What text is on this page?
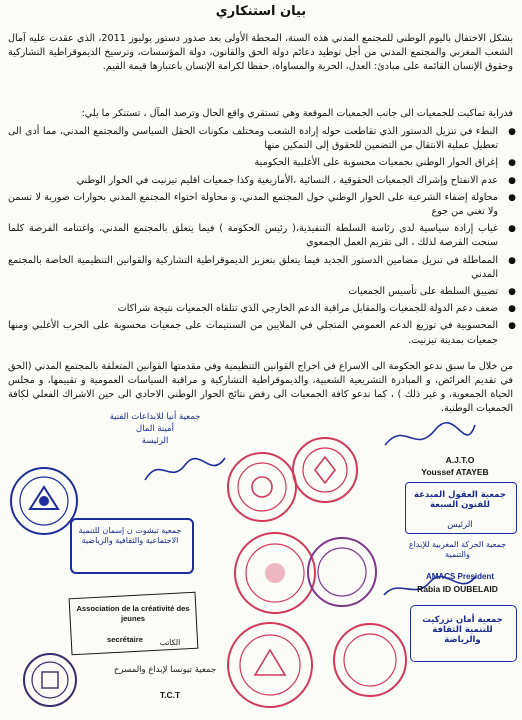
بيان استنكاري

بشكل الاحتفال باليوم الوطني للمجتمع المدني هذه السنة، المحطة الأولى بعد صدور دستور يوليوز 2011، الذي عقدت عليه آمال الشعب المغربي والمجتمع المدني من أجل توطيد دعائم دولة الحق والقانون، دولة المؤسسات، وترسيخ الديموقراطية التشاركية وحقوق الإنسان القائمة على مبادئ: العدل، الحرية والمساواة، حفظا لكرامة الإنسان باعتبارها قيمة القيم.

فدراية تماكيت للجمعيات الى جانب الجمعيات الموقعة وهي تستقري واقع الحال وترصد المآل ، تستنكر ما يلي:

●
البطء في تنزيل الدستور الذي تقاطعت حوله إرادة الشعب ومختلف مكونات الحقل السياسي والمجتمع المدني، مما أدى الى تعطيل عملية الانتقال من التضمين للحقوق إلى التمكين منها
●
إغراق الحوار الوطني بجمعيات محسوبة على الأغلبية الحكومية
●
عدم الانفتاح وإشراك الجمعيات الحقوقية ، النسائية ،الأمازيغية وكذا جمعيات اقليم تيزنيت في الحوار الوطني
●
محاولة إضفاء الشرعية على الحوار الوطني حول المجتمع المدني، و محاولة احتواء المجتمع المدني بحوارات صورية لا تسمن ولا تغني من جوع
●
غياب إرادة سياسية لدى رئاسة السلطة التنفيذية،( رئيس الحكومة ) فيما يتعلق بالمجتمع المدني، واغتنامه الفرصة كلما سنحت الفرصة لذلك ، الى تقزيم العمل الجمعوي
●
المماطلة في تنزيل مضامين الدستور الجديد فيما يتعلق بتعزيز الديموقراطية التشاركية والقوانين التنظيمية الخاصة بالمجتمع المدني
●
تضييق السلطة على تأسيس الجمعيات
●
ضعف دعم الدولة للجمعيات والمقابل مراقبة الدعم الخارجي الذي تتلقاه الجمعيات نتيجة شراكات
●
المحسوبية في توزيع الدعم العمومي المتجلي في الملايين من السنتيمات على جمعيات محسوبة على الحزب الأغلبي ومنها جمعيات بمدينة تيزنيت.

من خلال ما سبق ندعو الحكومة الى الاسراع في اخراج القوانين التنظيمية وفي مقدمتها القوانين المتعلقة بالمجتمع المدني (الحق في تقديم العرائض، و المبادرة التشريعية الشعبية، والديموقراطية التشاركية و مراقبة السياسات العمومية و تقييمها، و مجلس الحياة الجمعوية، و غير ذلك ) ، كما ندعو كافة الجمعيات الى رفض نتائج الحوار الوطني الاحادي الى حين الاشراك الفعلي لكافة الجمعيات الوطنية.

جمعية أنيا للابداعات الفنية
أمينة المال
الرئيسة
جمعية تيشوت ن إسمان للتنمية الاجتماعية والثقافية والرياضية
Association de la créativité des jeunes
secrétaire	الكاتب
جمعية تيونسا لإبداع والمسرح
T.C.T
A.J.T.O
Youssef ATAYEB
جمعية العقول المبدعة للفنون السبعة
الرئيس
جمعية الحركة المغربية للإبداع والتنمية
AMACS President
Rabia ID OUBELAID
جمعية أمان تزركيت للتنمية الثقافة والرياضة
